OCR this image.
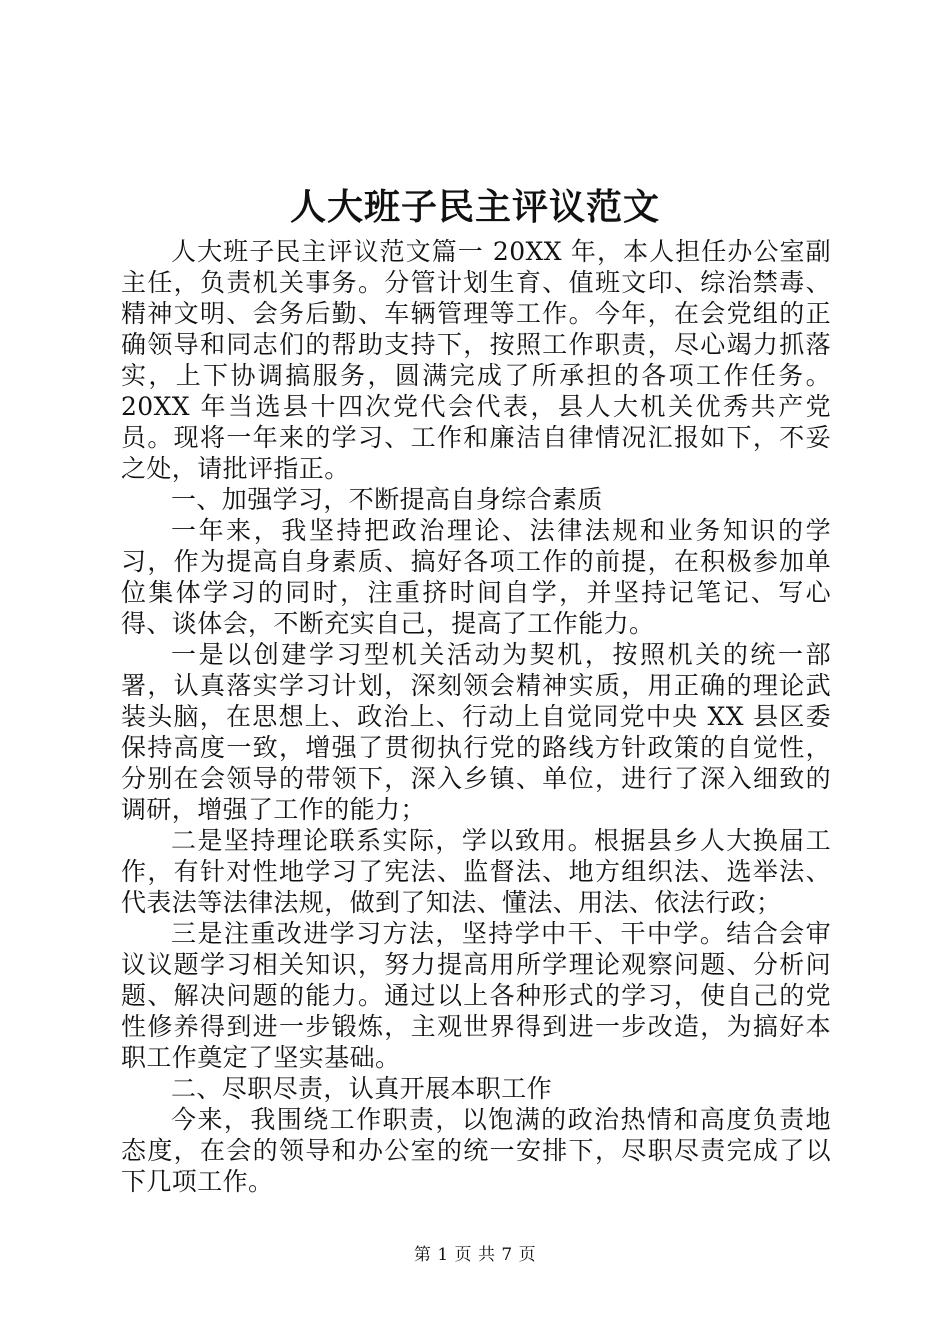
人大班子民主评议范文

人大班子民主评议范文篇一 20XX 年，本人担任办公室副主任，负责机关事务。分管计划生育、值班文印、综治禁毒、精神文明、会务后勤、车辆管理等工作。今年，在会党组的正确领导和同志们的帮助支持下，按照工作职责，尽心竭力抓落实，上下协调搞服务，圆满完成了所承担的各项工作任务。20XX 年当选县十四次党代会代表，县人大机关优秀共产党员。现将一年来的学习、工作和廉洁自律情况汇报如下，不妥之处，请批评指正。

一、加强学习，不断提高自身综合素质

一年来，我坚持把政治理论、法律法规和业务知识的学习，作为提高自身素质、搞好各项工作的前提，在积极参加单位集体学习的同时，注重挤时间自学，并坚持记笔记、写心得、谈体会，不断充实自己，提高了工作能力。

一是以创建学习型机关活动为契机，按照机关的统一部署，认真落实学习计划，深刻领会精神实质，用正确的理论武装头脑，在思想上、政治上、行动上自觉同党中央 XX 县区委保持高度一致，增强了贯彻执行党的路线方针政策的自觉性，分别在会领导的带领下，深入乡镇、单位，进行了深入细致的调研，增强了工作的能力；

二是坚持理论联系实际，学以致用。根据县乡人大换届工作，有针对性地学习了宪法、监督法、地方组织法、选举法、代表法等法律法规，做到了知法、懂法、用法、依法行政；

三是注重改进学习方法，坚持学中干、干中学。结合会审议议题学习相关知识，努力提高用所学理论观察问题、分析问题、解决问题的能力。通过以上各种形式的学习，使自己的党性修养得到进一步锻炼，主观世界得到进一步改造，为搞好本职工作奠定了坚实基础。

二、尽职尽责，认真开展本职工作

今来，我围绕工作职责，以饱满的政治热情和高度负责地态度，在会的领导和办公室的统一安排下，尽职尽责完成了以下几项工作。

第 1 页 共 7 页
